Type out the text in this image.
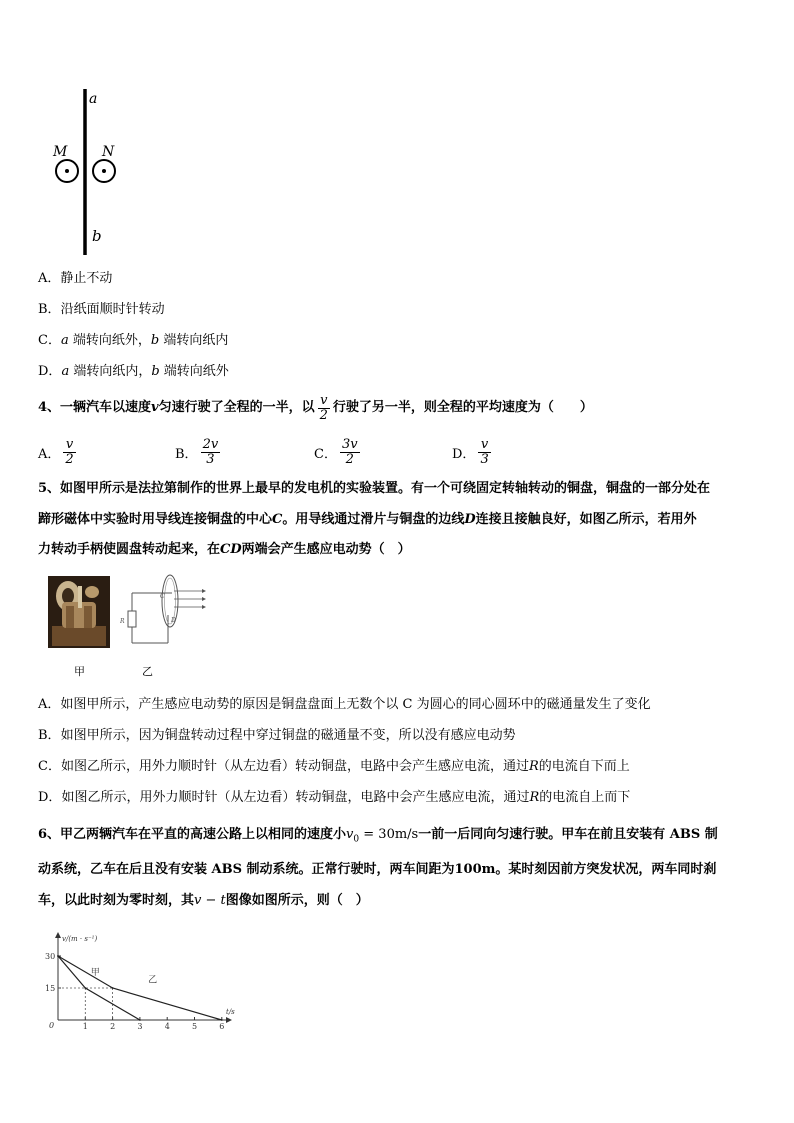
a
b
M N
A．静止不动
B．沿纸面顺时针转动
C．a 端转向纸外，b 端转向纸内
D．a 端转向纸内，b 端转向纸外
4、一辆汽车以速度 v 匀速行驶了全程的一半，以 $\frac{v}{2}$ 行驶了另一半，则全程的平均速度为（　　）
A． $\frac{v}{2}$	B． $\frac{2v}{3}$	C． $\frac{3v}{2}$	D． $\frac{v}{3}$
5、如图甲所示是法拉第制作的世界上最早的发电机的实验装置。有一个可绕固定转轴转动的铜盘，铜盘的一部分处在
蹄形磁体中实验时用导线连接铜盘的中心C。用导线通过滑片与铜盘的边线D连接且接触良好，如图乙所示，若用外
力转动手柄使圆盘转动起来，在CD两端会产生感应电动势（　）
R
C
D
甲	乙
A．如图甲所示，产生感应电动势的原因是铜盘盘面上无数个以 C 为圆心的同心圆环中的磁通量发生了变化
B．如图甲所示，因为铜盘转动过程中穿过铜盘的磁通量不变，所以没有感应电动势
C．如图乙所示，用外力顺时针（从左边看）转动铜盘，电路中会产生感应电流，通过R的电流自下而上
D．如图乙所示，用外力顺时针（从左边看）转动铜盘，电路中会产生感应电流，通过R的电流自上而下
6、甲乙两辆汽车在平直的高速公路上以相同的速度小$v_0 = 30m/s$一前一后同向匀速行驶。甲车在前且安装有 ABS 制
动系统，乙车在后且没有安装 ABS 制动系统。正常行驶时，两车间距为100m。某时刻因前方突发状况，两车同时刹
车，以此时刻为零时刻，其v − t图像如图所示，则（　）
v/(m · s⁻¹)
t/s
0	1	2	3	4	5	6
15
30
甲
乙
